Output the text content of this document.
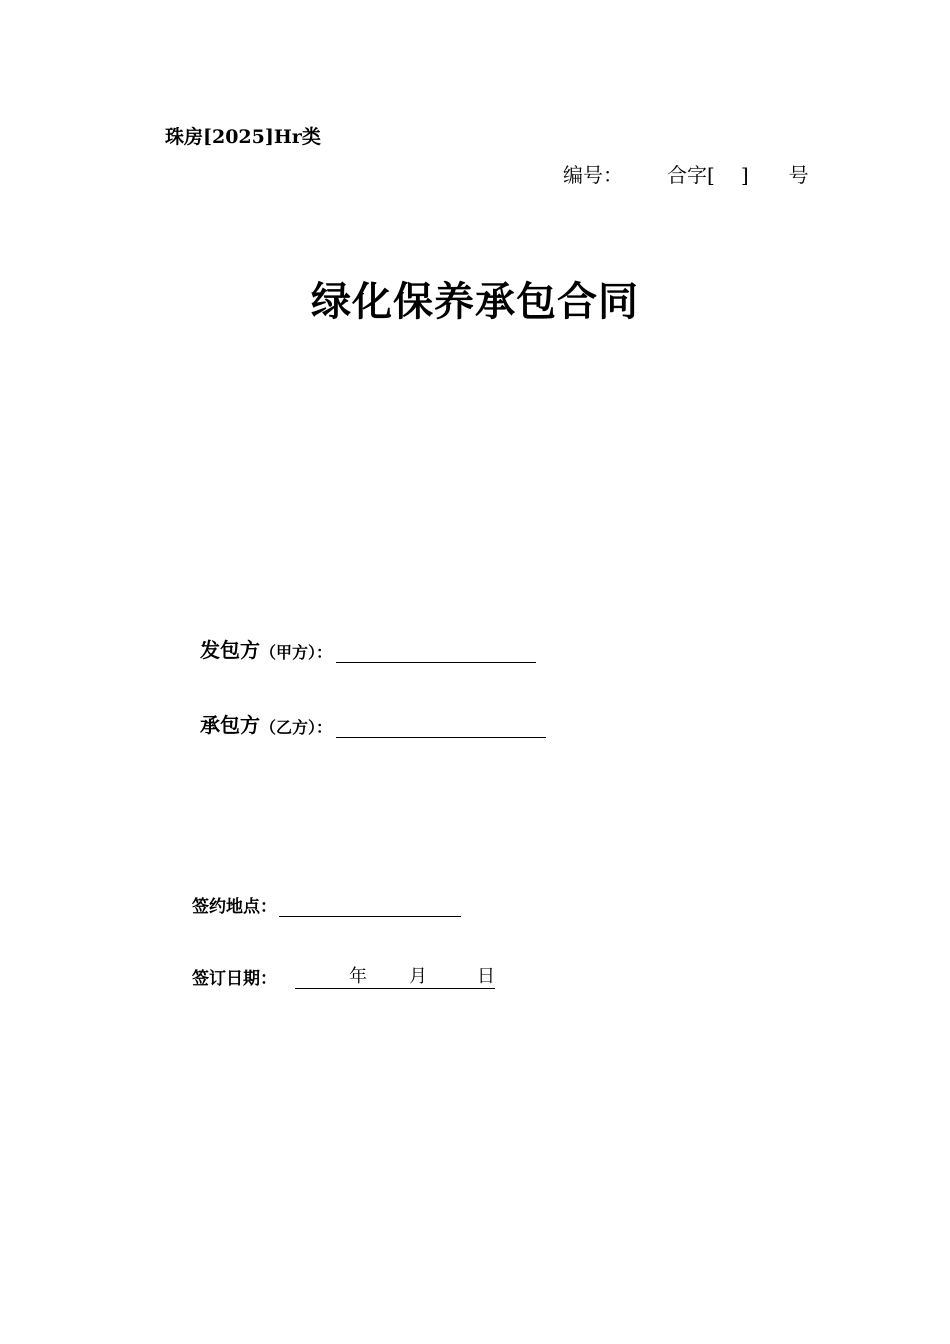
珠房[2025]Hr类
编号： 合字[ ] 号
绿化保养承包合同
发包方 （甲方）：
承包方 （乙方）：
签约地点：
签订日期：	年 月	日
